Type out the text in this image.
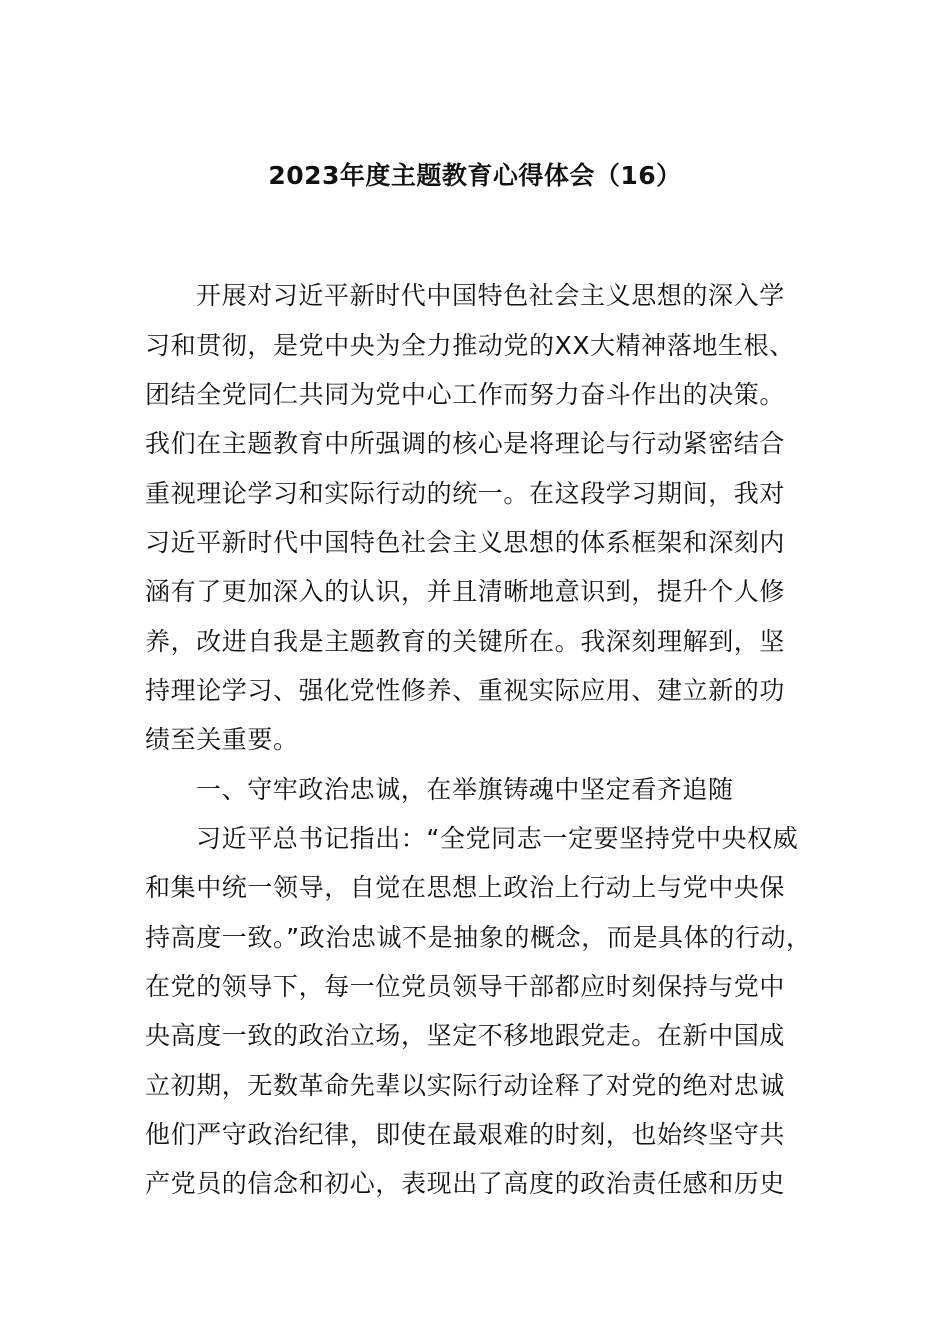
2023年度主题教育心得体会（16）
开展对习近平新时代中国特色社会主义思想的深入学
习和贯彻，是党中央为全力推动党的XX大精神落地生根、
团结全党同仁共同为党中心工作而努力奋斗作出的决策。
我们在主题教育中所强调的核心是将理论与行动紧密结合
重视理论学习和实际行动的统一。在这段学习期间，我对
习近平新时代中国特色社会主义思想的体系框架和深刻内
涵有了更加深入的认识，并且清晰地意识到，提升个人修
养，改进自我是主题教育的关键所在。我深刻理解到，坚
持理论学习、强化党性修养、重视实际应用、建立新的功
绩至关重要。
一、守牢政治忠诚，在举旗铸魂中坚定看齐追随
习近平总书记指出：“全党同志一定要坚持党中央权威
和集中统一领导，自觉在思想上政治上行动上与党中央保
持高度一致。”政治忠诚不是抽象的概念，而是具体的行动，
在党的领导下，每一位党员领导干部都应时刻保持与党中
央高度一致的政治立场，坚定不移地跟党走。在新中国成
立初期，无数革命先辈以实际行动诠释了对党的绝对忠诚
他们严守政治纪律，即使在最艰难的时刻，也始终坚守共
产党员的信念和初心，表现出了高度的政治责任感和历史
